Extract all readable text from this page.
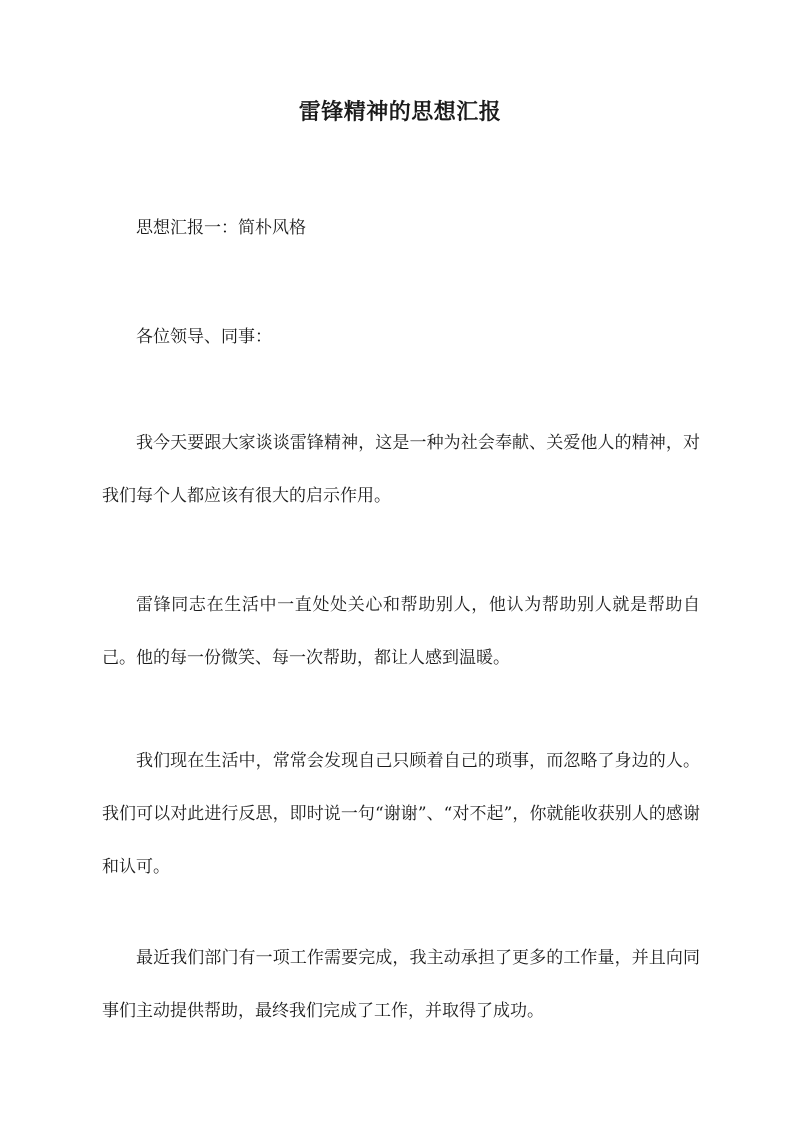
雷锋精神的思想汇报

思想汇报一：简朴风格

各位领导、同事：

我今天要跟大家谈谈雷锋精神，这是一种为社会奉献、关爱他人的精神，对我们每个人都应该有很大的启示作用。

雷锋同志在生活中一直处处关心和帮助别人，他认为帮助别人就是帮助自己。他的每一份微笑、每一次帮助，都让人感到温暖。

我们现在生活中，常常会发现自己只顾着自己的琐事，而忽略了身边的人。我们可以对此进行反思，即时说一句“谢谢”、“对不起”，你就能收获别人的感谢和认可。

最近我们部门有一项工作需要完成，我主动承担了更多的工作量，并且向同事们主动提供帮助，最终我们完成了工作，并取得了成功。
